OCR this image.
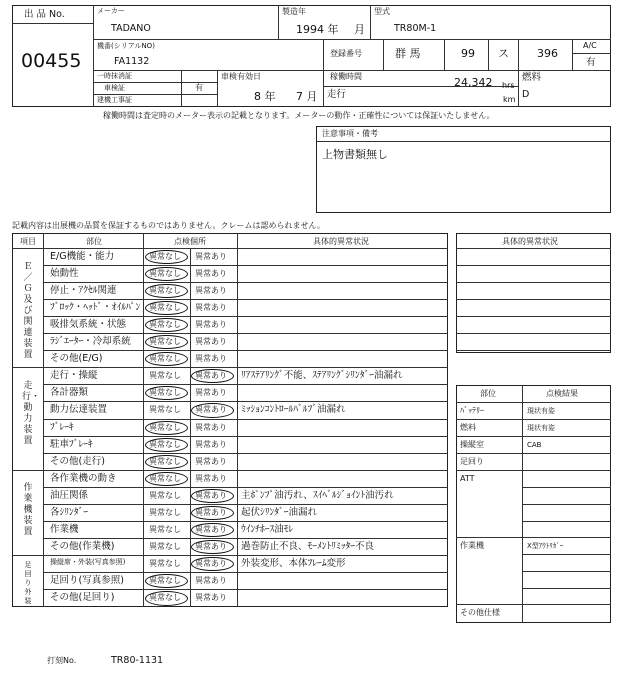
出 品 No.
00455
メーカー
TADANO
製造年
1994 年 月
型式
TR80M-1
機番(シリアルNO)
FA1132
登録番号	群 馬	99 ス	396
A/C
有
一時抹消証
車検証	有
建機工事証
車検有効日
8 年 7 月
稼働時間	24,342 hrs
走行	km
燃料
D
稼働時間は査定時のメーター表示の記載となります。メーターの動作・正確性については保証いたしません。
注意事項・備考
上物書類無し
記載内容は出展機の品質を保証するものではありません。クレームは認められません。
項目	部位	点検個所	具体的異常状況
Ｅ／Ｇ及び関連装置
走行・動力装置
作業機装置
足回り外装
E/G機能・能力	異常なし 異常あり
始動性	異常なし 異常あり
停止・ｱｸｾﾙ関連	異常なし 異常あり
ﾌﾞﾛｯｸ・ﾍｯﾄﾞ・ｵｲﾙﾊﾟﾝ 異常なし 異常あり
吸排気系統・状態	異常なし 異常あり
ﾗｼﾞｴｰﾀｰ・冷却系統 異常なし 異常あり
その他(E/G)	異常なし 異常あり
走行・操縦	異常なし 異常あり ﾘｱｽﾃｱﾘﾝｸﾞ不能、ｽﾃｱﾘﾝｸﾞｼﾘﾝﾀﾞｰ油漏れ
各計器類	異常なし 異常あり
動力伝達装置	異常なし 異常あり ﾐｯｼｮﾝｺﾝﾄﾛｰﾙﾊﾞﾙﾌﾞ油漏れ
ﾌﾞﾚｰｷ	異常なし 異常あり
駐車ﾌﾞﾚｰｷ	異常なし 異常あり
その他(走行)	異常なし 異常あり
各作業機の動き	異常なし 異常あり
油圧関係	異常なし 異常あり 主ﾎﾟﾝﾌﾟ油汚れ、ｽｲﾍﾞﾙｼﾞｮｲﾝﾄ油汚れ
各ｼﾘﾝﾀﾞｰ	異常なし 異常あり 起伏ｼﾘﾝﾀﾞｰ油漏れ
作業機	異常なし 異常あり ｳｲﾝﾁﾎｰｽ油ﾓﾚ
その他(作業機)	異常なし 異常あり 過巻防止不良、ﾓｰﾒﾝﾄﾘﾐｯﾀｰ不良
操縦席・外装(写真参照)	異常なし 異常あり 外装変形、本体ﾌﾚｰﾑ変形
足回り(写真参照)	異常なし 異常あり
その他(足回り)	異常なし 異常あり
具体的異常状況
部位	点検結果
ﾊﾞｯﾃﾘｰ	現状有姿
燃料	現状有姿
操縦室	CAB
足回り
ATT
作業機	X型ｱｳﾄﾘｶﾞｰ
その他仕様
打刻No.	TR80-1131
